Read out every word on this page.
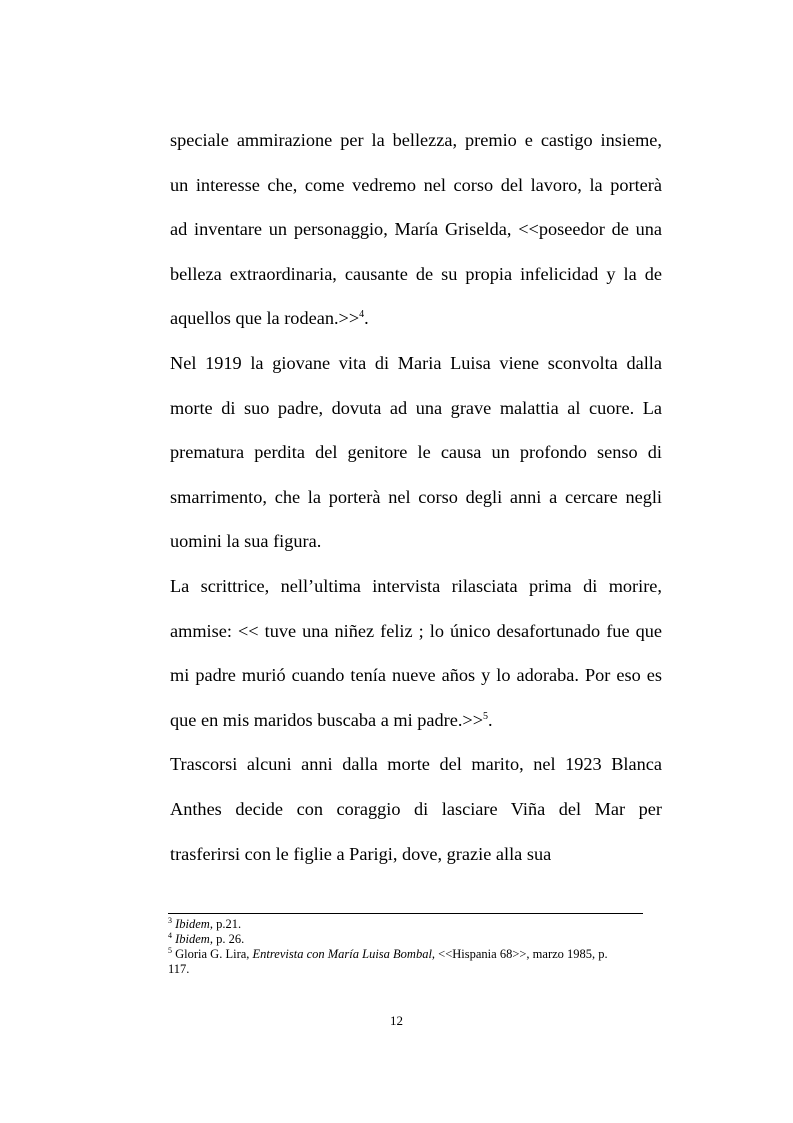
speciale ammirazione per la bellezza, premio e castigo insieme,
un interesse che, come vedremo nel corso del lavoro, la porterà
ad inventare un personaggio, María Griselda, <<poseedor de una
belleza extraordinaria, causante de su propia infelicidad y la de
aquellos que la rodean.>>$^4$.
Nel 1919 la giovane vita di Maria Luisa viene sconvolta dalla
morte di suo padre, dovuta ad una grave malattia al cuore. La
prematura perdita del genitore le causa un profondo senso di
smarrimento, che la porterà nel corso degli anni a cercare negli
uomini la sua figura.
La scrittrice, nell’ultima intervista rilasciata prima di morire,
ammise: << tuve una niñez feliz ; lo único desafortunado fue que
mi padre murió cuando tenía nueve años y lo adoraba. Por eso es
que en mis maridos buscaba a mi padre.>>$^5$.
Trascorsi alcuni anni dalla morte del marito, nel 1923 Blanca
Anthes decide con coraggio di lasciare Viña del Mar per
trasferirsi con le figlie a Parigi, dove, grazie alla sua
$^3$ Ibidem, p.21.
$^4$ Ibidem, p. 26.
$^5$ Gloria G. Lira, Entrevista con María Luisa Bombal, <<Hispania 68>>, marzo 1985, p.
117.
12
